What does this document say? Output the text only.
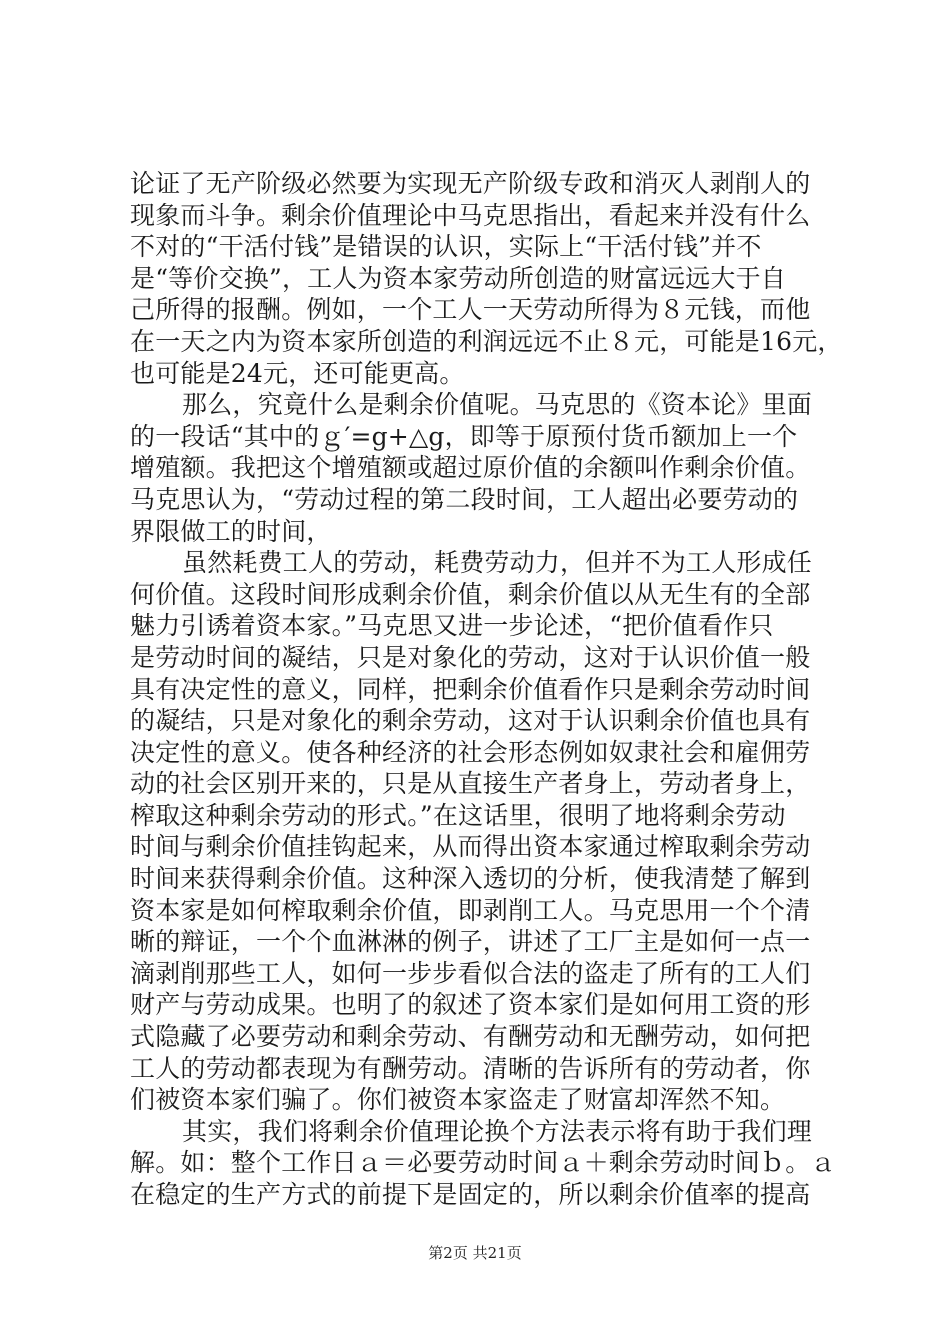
论证了无产阶级必然要为实现无产阶级专政和消灭人剥削人的
现象而斗争。剩余价值理论中马克思指出，看起来并没有什么
不对的“干活付钱”是错误的认识，实际上“干活付钱”并不
是“等价交换”，工人为资本家劳动所创造的财富远远大于自
己所得的报酬。例如，一个工人一天劳动所得为８元钱，而他
在一天之内为资本家所创造的利润远远不止８元，可能是16元，
也可能是24元，还可能更高。
那么，究竟什么是剩余价值呢。马克思的《资本论》里面
的一段话“其中的ｇ′=g+△g，即等于原预付货币额加上一个
增殖额。我把这个增殖额或超过原价值的余额叫作剩余价值。
马克思认为，“劳动过程的第二段时间，工人超出必要劳动的
界限做工的时间，
虽然耗费工人的劳动，耗费劳动力，但并不为工人形成任
何价值。这段时间形成剩余价值，剩余价值以从无生有的全部
魅力引诱着资本家。”马克思又进一步论述，“把价值看作只
是劳动时间的凝结，只是对象化的劳动，这对于认识价值一般
具有决定性的意义，同样，把剩余价值看作只是剩余劳动时间
的凝结，只是对象化的剩余劳动，这对于认识剩余价值也具有
决定性的意义。使各种经济的社会形态例如奴隶社会和雇佣劳
动的社会区别开来的，只是从直接生产者身上，劳动者身上，
榨取这种剩余劳动的形式。”在这话里，很明了地将剩余劳动
时间与剩余价值挂钩起来，从而得出资本家通过榨取剩余劳动
时间来获得剩余价值。这种深入透切的分析，使我清楚了解到
资本家是如何榨取剩余价值，即剥削工人。马克思用一个个清
晰的辩证，一个个血淋淋的例子，讲述了工厂主是如何一点一
滴剥削那些工人，如何一步步看似合法的盗走了所有的工人们
财产与劳动成果。也明了的叙述了资本家们是如何用工资的形
式隐藏了必要劳动和剩余劳动、有酬劳动和无酬劳动，如何把
工人的劳动都表现为有酬劳动。清晰的告诉所有的劳动者，你
们被资本家们骗了。你们被资本家盗走了财富却浑然不知。
其实，我们将剩余价值理论换个方法表示将有助于我们理
解。如：整个工作日ａ＝必要劳动时间ａ＋剩余劳动时间ｂ。ａ
在稳定的生产方式的前提下是固定的，所以剩余价值率的提高
第2页 共21页
